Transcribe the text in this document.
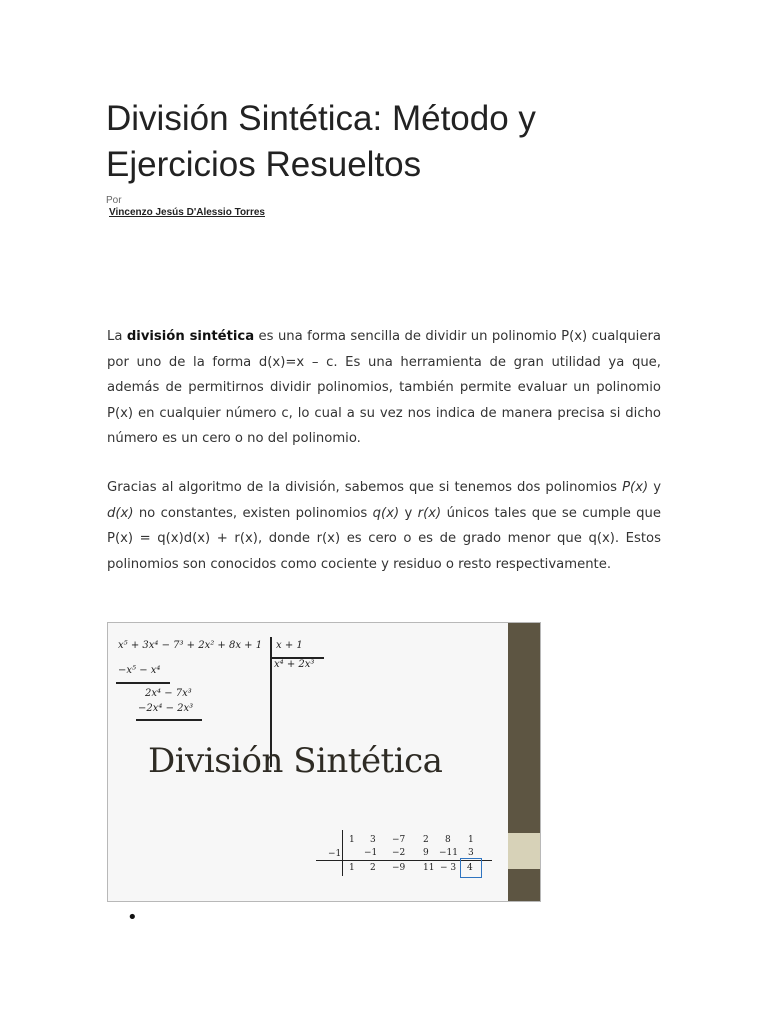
División Sintética: Método y Ejercicios Resueltos
Por
Vincenzo Jesús D'Alessio Torres

La división sintética es una forma sencilla de dividir un polinomio P(x) cualquiera por uno de la forma d(x)=x – c. Es una herramienta de gran utilidad ya que, además de permitirnos dividir polinomios, también permite evaluar un polinomio P(x) en cualquier número c, lo cual a su vez nos indica de manera precisa si dicho número es un cero o no del polinomio.

Gracias al algoritmo de la división, sabemos que si tenemos dos polinomios P(x) y d(x) no constantes, existen polinomios q(x) y r(x) únicos tales que se cumple que P(x) = q(x)d(x) + r(x), donde r(x) es cero o es de grado menor que q(x). Estos polinomios son conocidos como cociente y residuo o resto respectivamente.

x⁵ + 3x⁴ − 7³ + 2x² + 8x + 1 x + 1
x⁴ + 2x³
−x⁵ − x⁴
2x⁴ − 7x³
−2x⁴ − 2x³
División Sintética
−1
1 3 −7 2 8 1
−1 −2 9 −11 3
1 2 −9 11 − 3 4
•
